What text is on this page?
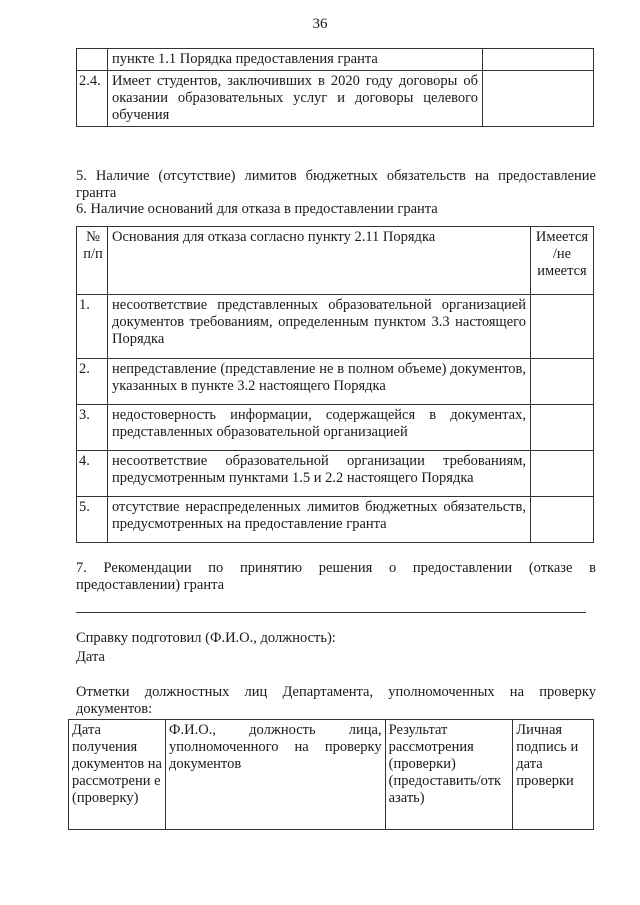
36
	пункте 1.1 Порядка предоставления гранта	
2.4.	Имеет студентов, заключивших в 2020 году договоры об оказании образовательных услуг и договоры целевого обучения	
5. Наличие (отсутствие) лимитов бюджетных обязательств на предоставление гранта
6. Наличие оснований для отказа в предоставлении гранта
№ п/п	Основания для отказа согласно пункту 2.11 Порядка	Имеется /не имеется
1.	несоответствие представленных образовательной организацией документов требованиям, определенным пунктом 3.3 настоящего Порядка	
2.	непредставление (представление не в полном объеме) документов, указанных в пункте 3.2 настоящего Порядка	
3.	недостоверность информации, содержащейся в документах, представленных образовательной организацией	
4.	несоответствие образовательной организации требованиям, предусмотренным пунктами 1.5 и 2.2 настоящего Порядка	
5.	отсутствие нераспределенных лимитов бюджетных обязательств, предусмотренных на предоставление гранта	
7. Рекомендации по принятию решения о предоставлении (отказе в предоставлении) гранта
Справку подготовил (Ф.И.О., должность):
Дата
Отметки должностных лиц Департамента, уполномоченных на проверку документов:
Дата получения документов на рассмотрени е (проверку)	Ф.И.О., должность лица, уполномоченного на проверку документов	Результат рассмотрения (проверки) (предоставить/отк азать)	Личная подпись и дата проверки
